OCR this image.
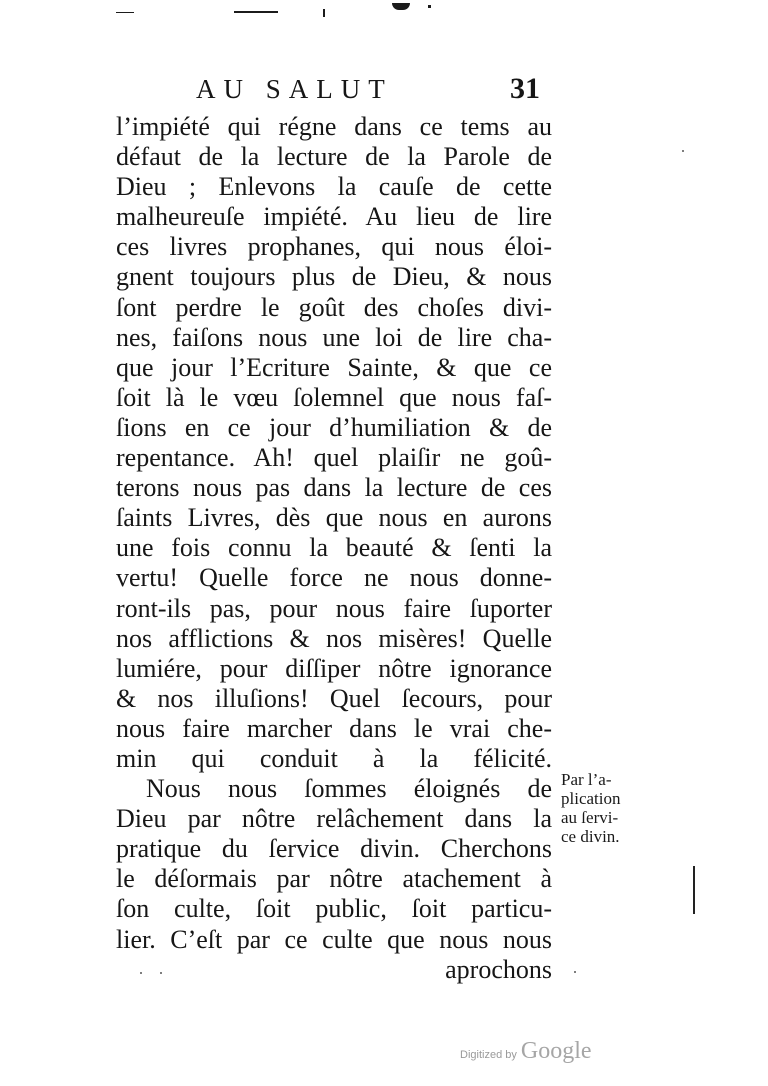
AU SALUT	31
l’impiété qui régne dans ce tems au
défaut de la lecture de la Parole de
Dieu ; Enlevons la cauſe de cette
malheureuſe impiété. Au lieu de lire
ces livres prophanes, qui nous éloi-
gnent toujours plus de Dieu, & nous
ſont perdre le goût des choſes divi-
nes, faiſons nous une loi de lire cha-
que jour l’Ecriture Sainte, & que ce
ſoit là le vœu ſolemnel que nous faſ-
ſions en ce jour d’humiliation & de
repentance. Ah! quel plaiſir ne goû-
terons nous pas dans la lecture de ces
ſaints Livres, dès que nous en aurons
une fois connu la beauté & ſenti la
vertu! Quelle force ne nous donne-
ront-ils pas, pour nous faire ſuporter
nos afflictions & nos misères! Quelle
lumiére, pour diſſiper nôtre ignorance
& nos illuſions! Quel ſecours, pour
nous faire marcher dans le vrai che-
min qui conduit à la félicité.
Nous nous ſommes éloignés de
Dieu par nôtre relâchement dans la
pratique du ſervice divin. Cherchons
le déſormais par nôtre atachement à
ſon culte, ſoit public, ſoit particu-
lier. C’eſt par ce culte que nous nous
aprochons
Par l’a-
plication
au ſervi-
ce divin.
Digitized by Google
